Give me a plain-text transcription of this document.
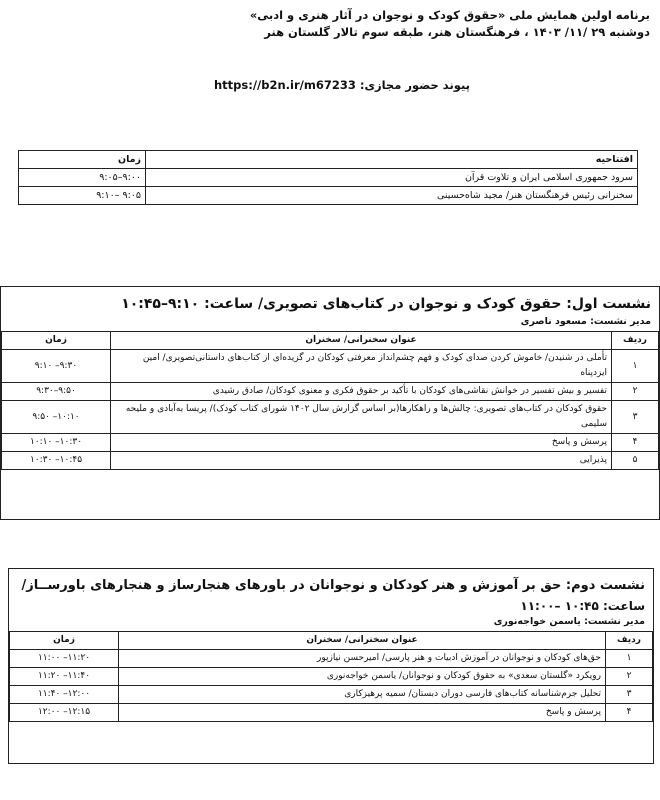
برنامه اولین همایش ملی «حقوق کودک و نوجوان در آثار هنری و ادبی»
دوشنبه ۲۹ /۱۱/ ۱۴۰۳ ، فرهنگستان هنر، طبقه سوم تالار گلستان هنر
پیوند حضور مجازی: https://b2n.ir/m67233
افتتاحیه	زمان
سرود جمهوری اسلامی ایران و تلاوت قرآن	۹:۰۰–۹:۰۵
سخنرانی رئیس فرهنگستان هنر/ مجید شاه‌حسینی	۹:۰۵ –۹:۱۰
نشست اول: حقوق کودک و نوجوان در کتاب‌های تصویری/ ساعت: ۹:۱۰–۱۰:۴۵
مدیر نشست: مسعود ناصری
ردیف	عنوان سخنرانی/ سخنران	زمان
۱	تأملی در شنیدن/ خاموش کردن صدای کودک و فهم چشم‌انداز معرفتی کودکان در گزیده‌ای از کتاب‌های داستانی‌تصویری/ امین ایزدپناه	۹:۱۰ –۹:۳۰
۲	تفسیر و بیش تفسیر در خوانش نقاشی‌های کودکان با تأکید بر حقوق فکری و معنوی کودکان/ صادق رشیدی	۹:۳۰–۹:۵۰
۳	حقوق کودکان در کتاب‌های تصویری: چالش‌ها و راهکارها(بر اساس گزارش سال ۱۴۰۲ شورای کتاب کودک)/ پریسا به‌آبادی و ملیحه سلیمی	۹:۵۰ –۱۰:۱۰
۴	پرسش و پاسخ	۱۰:۱۰ –۱۰:۳۰
۵	پذیرایی	۱۰:۳۰ –۱۰:۴۵
نشست دوم: حق بر آموزش و هنر کودکان و نوجوانان در باورهای هنجارساز و هنجارهای باورســاز/
ساعت: ۱۰:۴۵ –۱۱:۰۰
مدیر نشست: یاسمن خواجه‌نوری
ردیف	عنوان سخنرانی/ سخنران	زمان
۱	حق‌های کودکان و نوجوانان در آموزش ادبیات و هنر پارسی/ امیرحسن نیازپور	۱۱:۰۰ –۱۱:۲۰
۲	رویکرد «گلستان سعدی» به حقوق کودکان و نوجوانان/ یاسمن خواجه‌نوری	۱۱:۲۰ –۱۱:۴۰
۳	تحلیل جرم‌شناسانه کتاب‌های فارسی دوران دبستان/ سمیه پرهیزکاری	۱۱:۴۰ –۱۲:۰۰
۴	پرسش و پاسخ	۱۲:۰۰ –۱۲:۱۵
